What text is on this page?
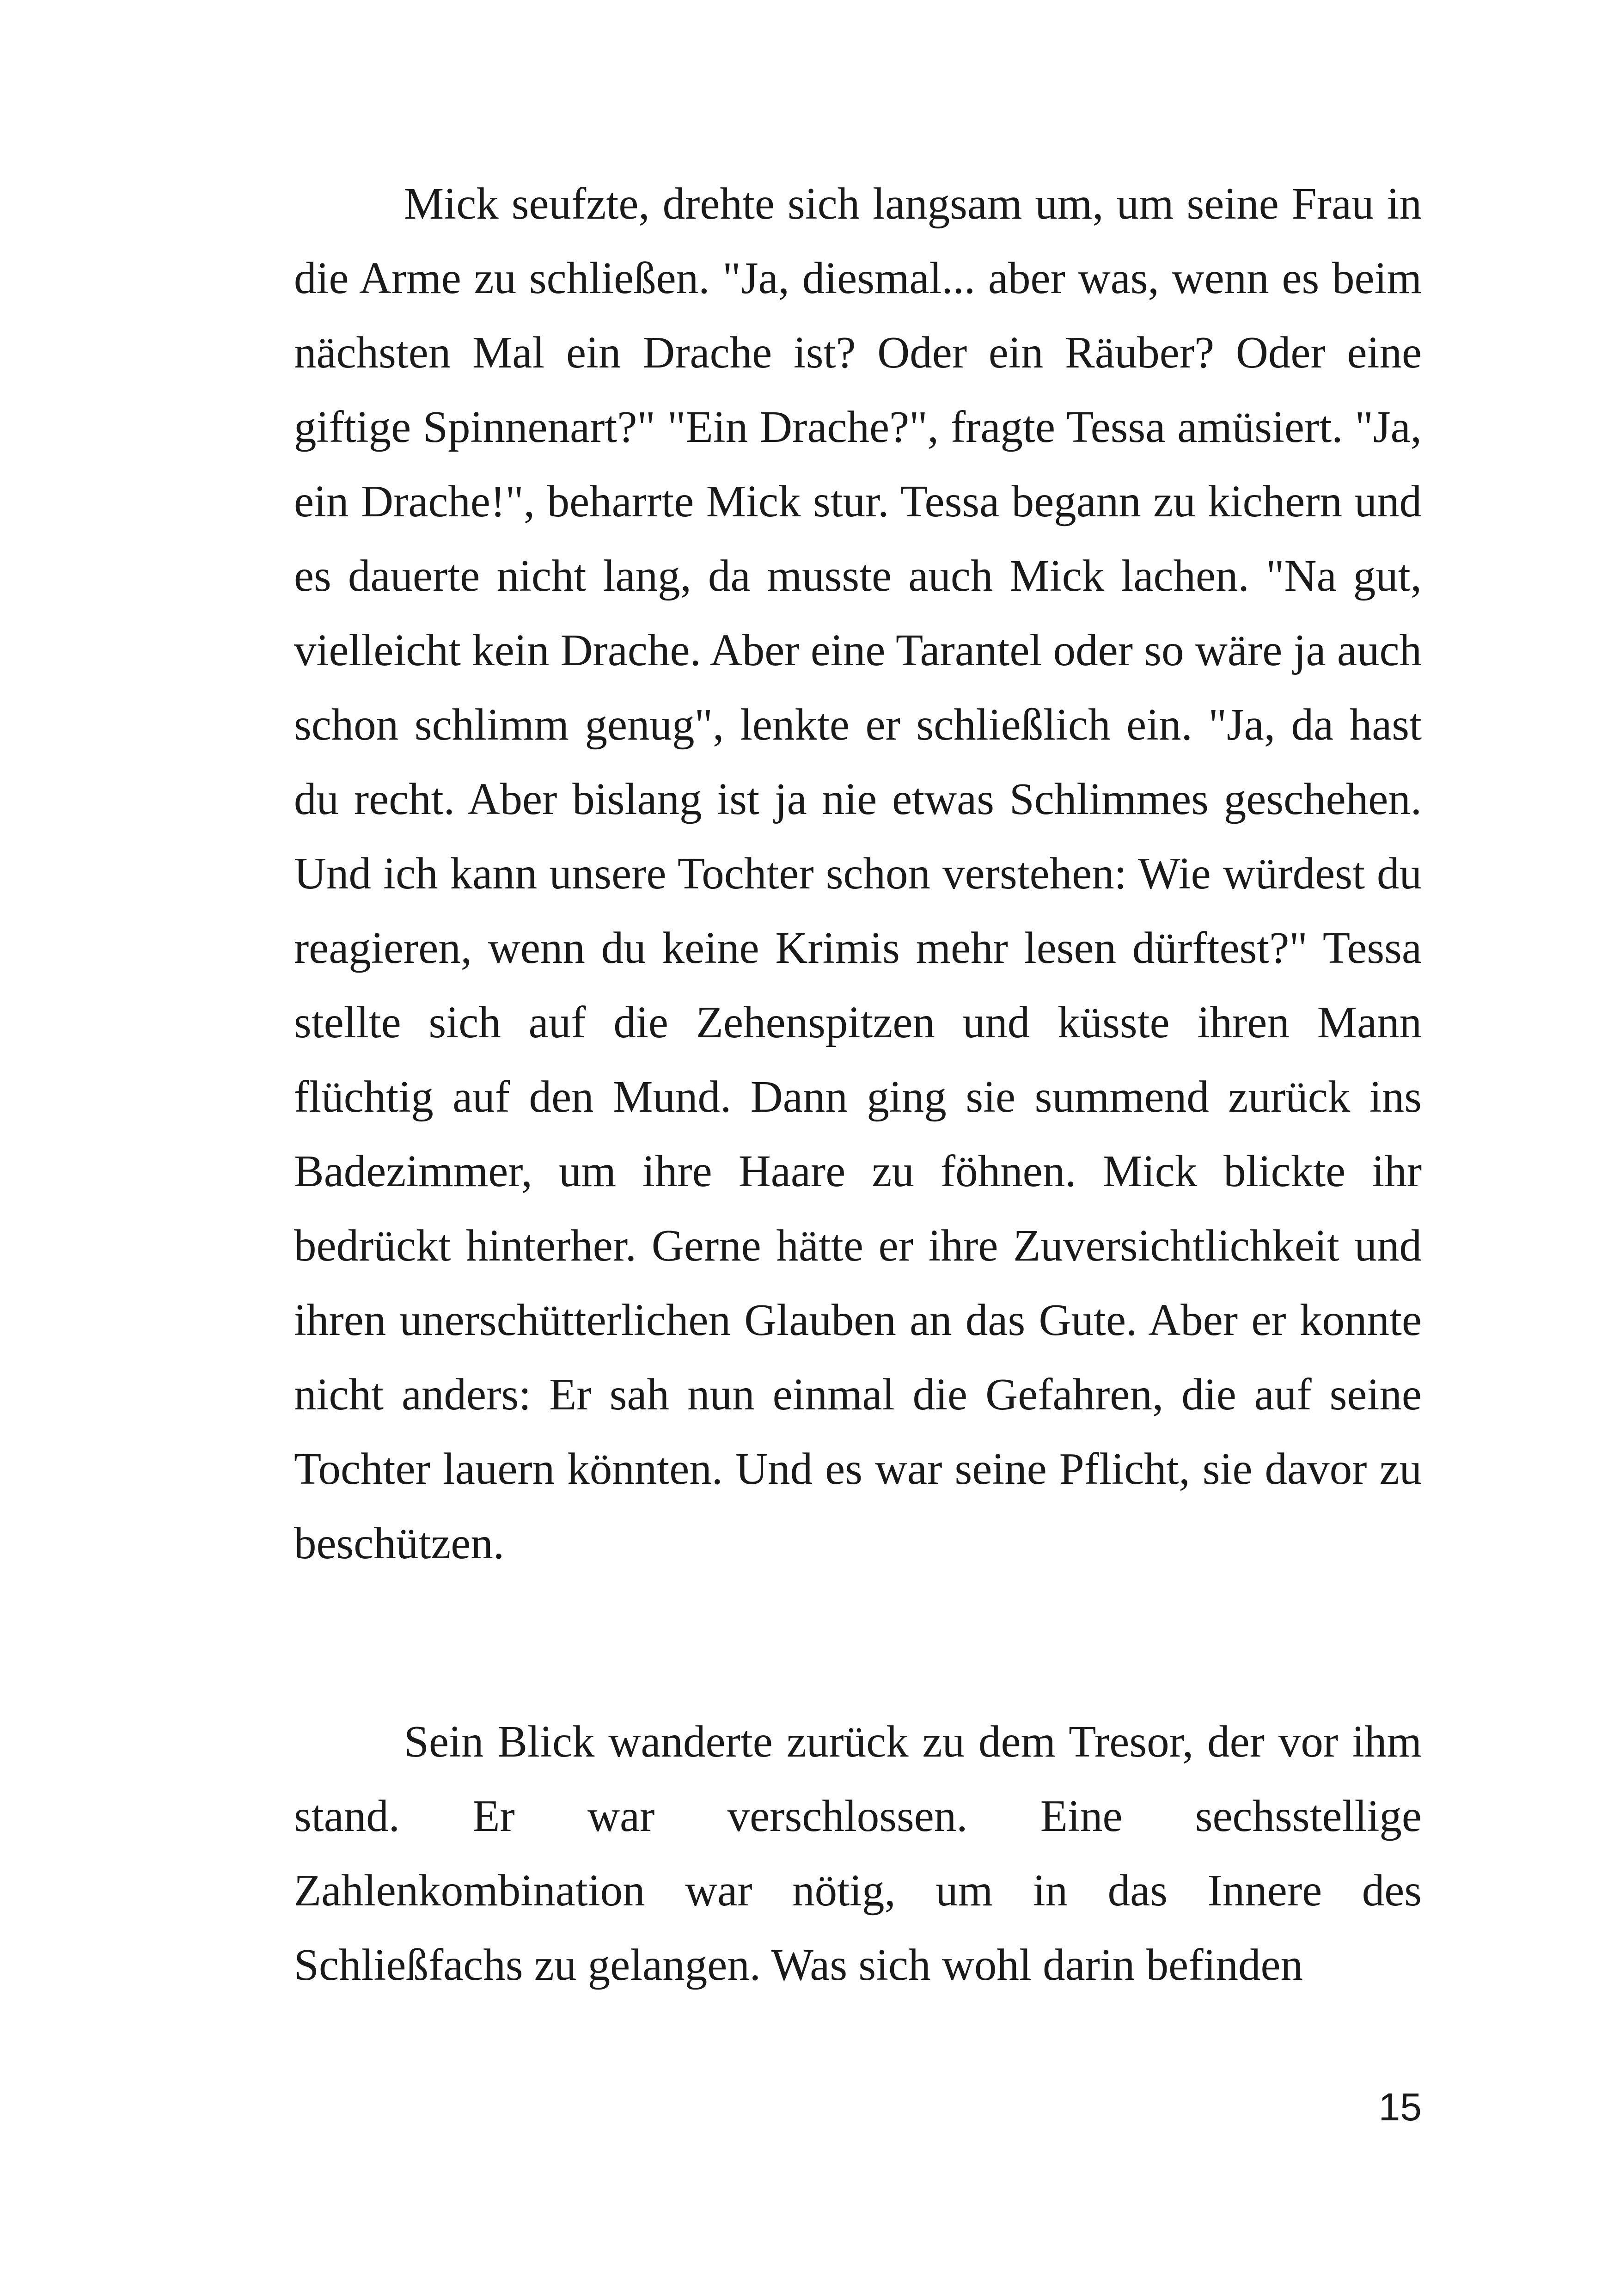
Mick seufzte, drehte sich langsam um, um seine Frau in die Arme zu schließen. "Ja, diesmal... aber was, wenn es beim nächsten Mal ein Drache ist? Oder ein Räuber? Oder eine giftige Spinnenart?" "Ein Drache?", fragte Tessa amüsiert. "Ja, ein Drache!", beharrte Mick stur. Tessa begann zu kichern und es dauerte nicht lang, da musste auch Mick lachen. "Na gut, vielleicht kein Drache. Aber eine Tarantel oder so wäre ja auch schon schlimm genug", lenkte er schließlich ein. "Ja, da hast du recht. Aber bislang ist ja nie etwas Schlimmes geschehen. Und ich kann unsere Tochter schon verstehen: Wie würdest du reagieren, wenn du keine Krimis mehr lesen dürftest?" Tessa stellte sich auf die Zehenspitzen und küsste ihren Mann flüchtig auf den Mund. Dann ging sie summend zurück ins Badezimmer, um ihre Haare zu föhnen. Mick blickte ihr bedrückt hinterher. Gerne hätte er ihre Zuversichtlichkeit und ihren unerschütterlichen Glauben an das Gute. Aber er konnte nicht anders: Er sah nun einmal die Gefahren, die auf seine Tochter lauern könnten. Und es war seine Pflicht, sie davor zu beschützen.

Sein Blick wanderte zurück zu dem Tresor, der vor ihm stand. Er war verschlossen. Eine sechsstellige Zahlenkombination war nötig, um in das Innere des Schließfachs zu gelangen. Was sich wohl darin befinden

15
